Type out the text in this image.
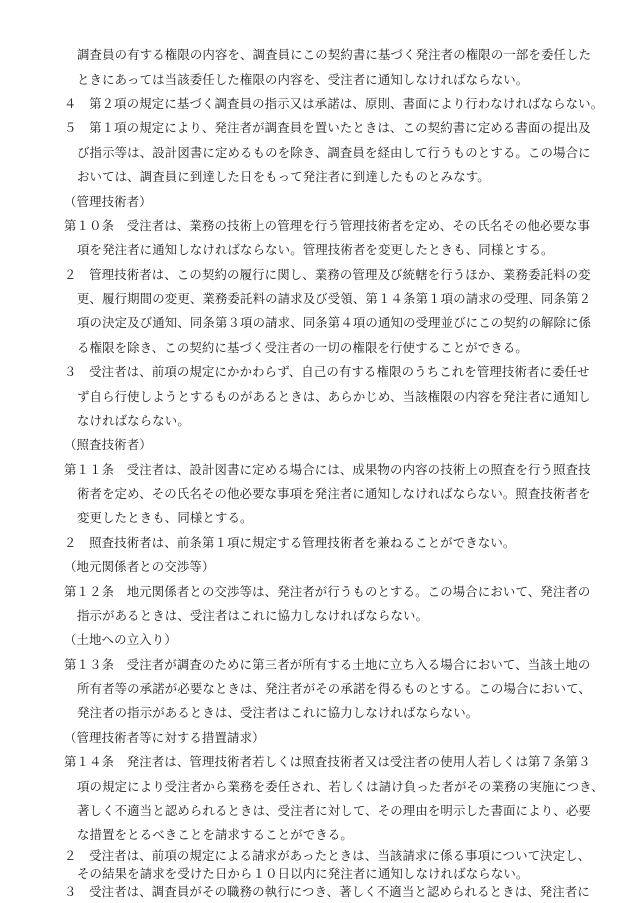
調査員の有する権限の内容を、調査員にこの契約書に基づく発注者の権限の一部を委任した
ときにあっては当該委任した権限の内容を、受注者に通知しなければならない。
４　第２項の規定に基づく調査員の指示又は承諾は、原則、書面により行わなければならない。
５　第１項の規定により、発注者が調査員を置いたときは、この契約書に定める書面の提出及
び指示等は、設計図書に定めるものを除き、調査員を経由して行うものとする。この場合に
おいては、調査員に到達した日をもって発注者に到達したものとみなす。
（管理技術者）
第１０条　受注者は、業務の技術上の管理を行う管理技術者を定め、その氏名その他必要な事
項を発注者に通知しなければならない。管理技術者を変更したときも、同様とする。
２　管理技術者は、この契約の履行に関し、業務の管理及び統轄を行うほか、業務委託料の変
更、履行期間の変更、業務委託料の請求及び受領、第１４条第１項の請求の受理、同条第２
項の決定及び通知、同条第３項の請求、同条第４項の通知の受理並びにこの契約の解除に係
る権限を除き、この契約に基づく受注者の一切の権限を行使することができる。
３　受注者は、前項の規定にかかわらず、自己の有する権限のうちこれを管理技術者に委任せ
ず自ら行使しようとするものがあるときは、あらかじめ、当該権限の内容を発注者に通知し
なければならない。
（照査技術者）
第１１条　受注者は、設計図書に定める場合には、成果物の内容の技術上の照査を行う照査技
術者を定め、その氏名その他必要な事項を発注者に通知しなければならない。照査技術者を
変更したときも、同様とする。
２　照査技術者は、前条第１項に規定する管理技術者を兼ねることができない。
（地元関係者との交渉等）
第１２条　地元関係者との交渉等は、発注者が行うものとする。この場合において、発注者の
指示があるときは、受注者はこれに協力しなければならない。
（土地への立入り）
第１３条　受注者が調査のために第三者が所有する土地に立ち入る場合において、当該土地の
所有者等の承諾が必要なときは、発注者がその承諾を得るものとする。この場合において、
発注者の指示があるときは、受注者はこれに協力しなければならない。
（管理技術者等に対する措置請求）
第１４条　発注者は、管理技術者若しくは照査技術者又は受注者の使用人若しくは第７条第３
項の規定により受注者から業務を委任され、若しくは請け負った者がその業務の実施につき、
著しく不適当と認められるときは、受注者に対して、その理由を明示した書面により、必要
な措置をとるべきことを請求することができる。
２　受注者は、前項の規定による請求があったときは、当該請求に係る事項について決定し、
その結果を請求を受けた日から１０日以内に発注者に通知しなければならない。
３　受注者は、調査員がその職務の執行につき、著しく不適当と認められるときは、発注者に
